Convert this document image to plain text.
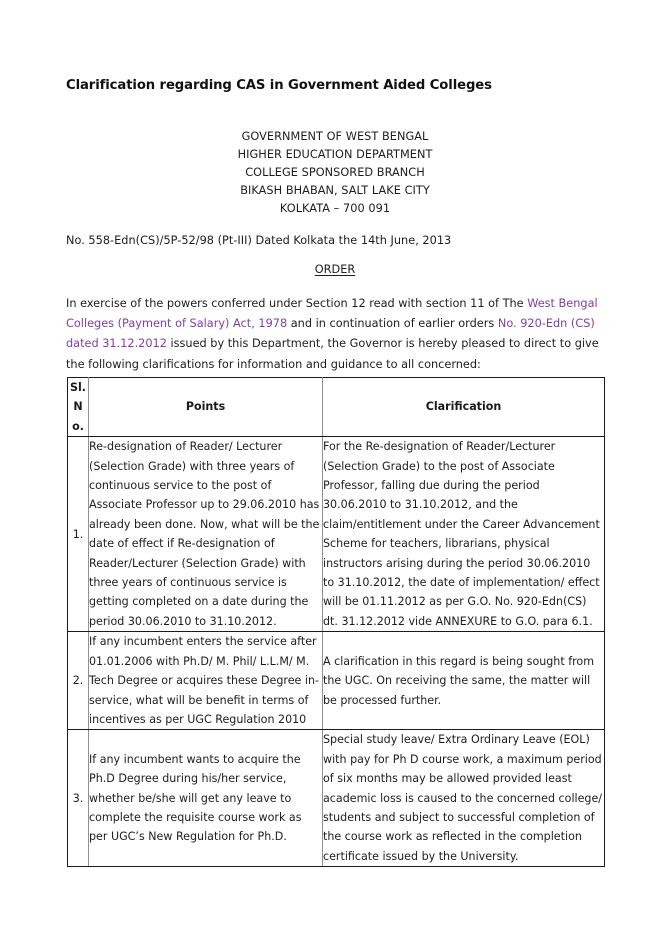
Clarification regarding CAS in Government Aided Colleges
GOVERNMENT OF WEST BENGAL
HIGHER EDUCATION DEPARTMENT
COLLEGE SPONSORED BRANCH
BIKASH BHABAN, SALT LAKE CITY
KOLKATA – 700 091
No. 558-Edn(CS)/5P-52/98 (Pt-III) Dated Kolkata the 14th June, 2013
ORDER
In exercise of the powers conferred under Section 12 read with section 11 of The West Bengal Colleges (Payment of Salary) Act, 1978 and in continuation of earlier orders No. 920-Edn (CS) dated 31.12.2012 issued by this Department, the Governor is hereby pleased to direct to give the following clarifications for information and guidance to all concerned:
Sl. No.	Points	Clarification
1.	Re-designation of Reader/ Lecturer (Selection Grade) with three years of continuous service to the post of Associate Professor up to 29.06.2010 has already been done. Now, what will be the date of effect if Re-designation of Reader/Lecturer (Selection Grade) with three years of continuous service is getting completed on a date during the period 30.06.2010 to 31.10.2012.	For the Re-designation of Reader/Lecturer (Selection Grade) to the post of Associate Professor, falling due during the period 30.06.2010 to 31.10.2012, and the claim/entitlement under the Career Advancement Scheme for teachers, librarians, physical instructors arising during the period 30.06.2010 to 31.10.2012, the date of implementation/ effect will be 01.11.2012 as per G.O. No. 920-Edn(CS) dt. 31.12.2012 vide ANNEXURE to G.O. para 6.1.
2.	If any incumbent enters the service after 01.01.2006 with Ph.D/ M. Phil/ L.L.M/ M. Tech Degree or acquires these Degree in-service, what will be benefit in terms of incentives as per UGC Regulation 2010	A clarification in this regard is being sought from the UGC. On receiving the same, the matter will be processed further.
3.	If any incumbent wants to acquire the Ph.D Degree during his/her service, whether be/she will get any leave to complete the requisite course work as per UGC’s New Regulation for Ph.D.	Special study leave/ Extra Ordinary Leave (EOL) with pay for Ph D course work, a maximum period of six months may be allowed provided least academic loss is caused to the concerned college/ students and subject to successful completion of the course work as reflected in the completion certificate issued by the University.
